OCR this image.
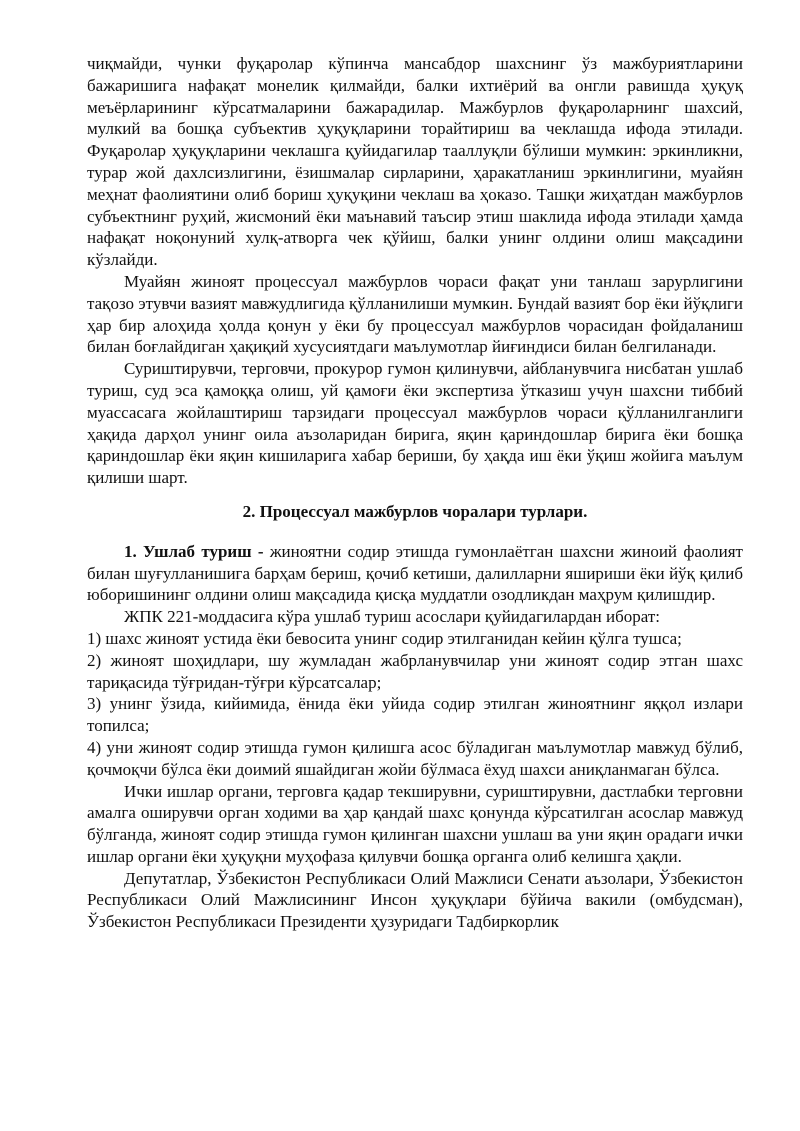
чиқмайди, чунки фуқаролар кўпинча мансабдор шахснинг ўз мажбуриятларини бажаришига нафақат монелик қилмайди, балки ихтиёрий ва онгли равишда ҳуқуқ меъёрларининг кўрсатмаларини бажарадилар. Мажбурлов фуқароларнинг шахсий, мулкий ва бошқа субъектив ҳуқуқларини торайтириш ва чеклашда ифода этилади. Фуқаролар ҳуқуқларини чеклашга қуйидагилар тааллуқли бўлиши мумкин: эркинликни, турар жой дахлсизлигини, ёзишмалар сирларини, ҳаракатланиш эркинлигини, муайян меҳнат фаолиятини олиб бориш ҳуқуқини чеклаш ва ҳоказо. Ташқи жиҳатдан мажбурлов субъектнинг руҳий, жисмоний ёки маънавий таъсир этиш шаклида ифода этилади ҳамда нафақат ноқонуний хулқ-атворга чек қўйиш, балки унинг олдини олиш мақсадини кўзлайди.

Муайян жиноят процессуал мажбурлов чораси фақат уни танлаш зарурлигини тақозо этувчи вазият мавжудлигида қўлланилиши мумкин. Бундай вазият бор ёки йўқлиги ҳар бир алоҳида ҳолда қонун у ёки бу процессуал мажбурлов чорасидан фойдаланиш билан боғлайдиган ҳақиқий хусусиятдаги маълумотлар йиғиндиси билан белгиланади.

Суриштирувчи, терговчи, прокурор гумон қилинувчи, айбланувчига нисбатан ушлаб туриш, суд эса қамоққа олиш, уй қамоғи ёки экспертиза ўтказиш учун шахсни тиббий муассасага жойлаштириш тарзидаги процессуал мажбурлов чораси қўлланилганлиги ҳақида дарҳол унинг оила аъзоларидан бирига, яқин қариндошлар бирига ёки бошқа қариндошлар ёки яқин кишиларига хабар бериши, бу ҳақда иш ёки ўқиш жойига маълум қилиши шарт.

2. Процессуал мажбурлов чоралари турлари.

1. Ушлаб туриш - жиноятни содир этишда гумонлаётган шахсни жиноий фаолият билан шуғулланишига барҳам бериш, қочиб кетиши, далилларни яшириши ёки йўқ қилиб юборишининг олдини олиш мақсадида қисқа муддатли озодликдан маҳрум қилишдир.

ЖПК 221-моддасига кўра ушлаб туриш асослари қуйидагилардан иборат:

1) шахс жиноят устида ёки бевосита унинг содир этилганидан кейин қўлга тушса;

2) жиноят шоҳидлари, шу жумладан жабрланувчилар уни жиноят содир этган шахс тариқасида тўғридан-тўғри кўрсатсалар;

3) унинг ўзида, кийимида, ёнида ёки уйида содир этилган жиноятнинг яққол излари топилса;

4) уни жиноят содир этишда гумон қилишга асос бўладиган маълумотлар мавжуд бўлиб, қочмоқчи бўлса ёки доимий яшайдиган жойи бўлмаса ёхуд шахси аниқланмаган бўлса.

Ички ишлар органи, терговга қадар текширувни, суриштирувни, дастлабки терговни амалга оширувчи орган ходими ва ҳар қандай шахс қонунда кўрсатилган асослар мавжуд бўлганда, жиноят содир этишда гумон қилинган шахсни ушлаш ва уни яқин орадаги ички ишлар органи ёки ҳуқуқни муҳофаза қилувчи бошқа органга олиб келишга ҳақли.

Депутатлар, Ўзбекистон Республикаси Олий Мажлиси Сенати аъзолари, Ўзбекистон Республикаси Олий Мажлисининг Инсон ҳуқуқлари бўйича вакили (омбудсман), Ўзбекистон Республикаси Президенти ҳузуридаги Тадбиркорлик
